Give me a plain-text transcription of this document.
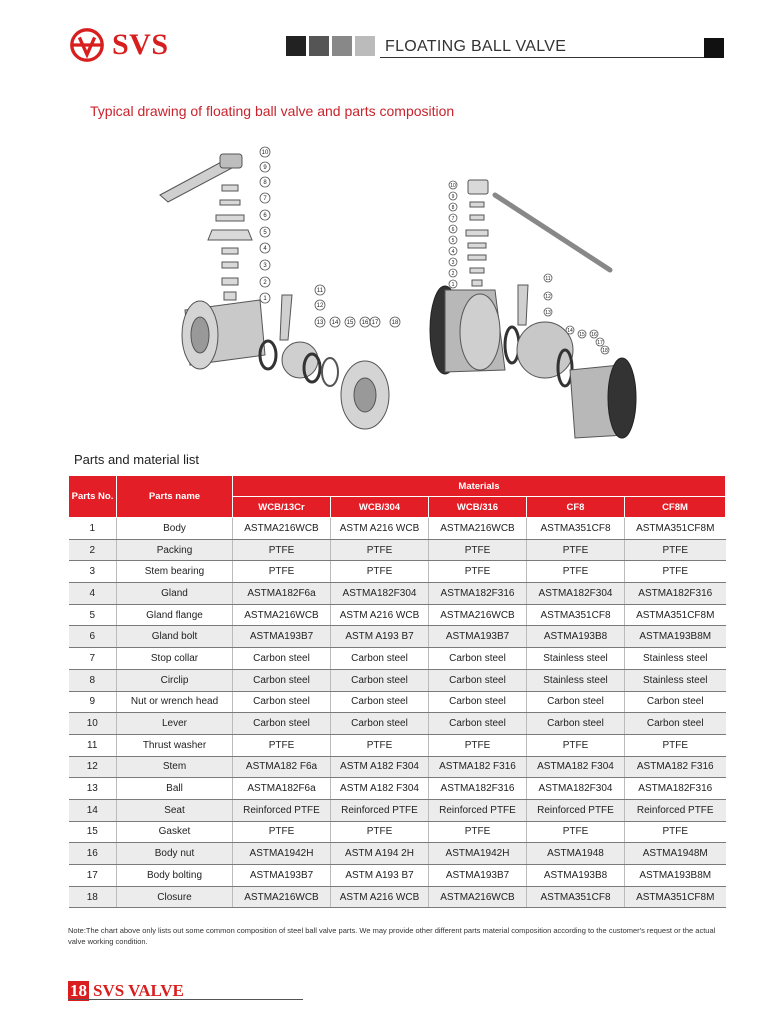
SVS	FLOATING BALL VALVE
Typical drawing of floating ball valve and parts composition
10
9
8
7
6
5
4
3
2
1
11
12
13 14 15 16 17 18
10
9
8
7
6
5
4
3
2
1
11
12
13
14
15 16
17
18
Parts and material list
Parts No.	Parts name	Materials				
		WCB/13Cr	WCB/304	WCB/316	CF8	CF8M
1	Body	ASTMA216WCB	ASTM A216 WCB	ASTMA216WCB	ASTMA351CF8	ASTMA351CF8M
2	Packing	PTFE	PTFE	PTFE	PTFE	PTFE
3	Stem bearing	PTFE	PTFE	PTFE	PTFE	PTFE
4	Gland	ASTMA182F6a	ASTMA182F304	ASTMA182F316	ASTMA182F304	ASTMA182F316
5	Gland flange	ASTMA216WCB	ASTM A216 WCB	ASTMA216WCB	ASTMA351CF8	ASTMA351CF8M
6	Gland bolt	ASTMA193B7	ASTM A193 B7	ASTMA193B7	ASTMA193B8	ASTMA193B8M
7	Stop collar	Carbon steel	Carbon steel	Carbon steel	Stainless steel	Stainless steel
8	Circlip	Carbon steel	Carbon steel	Carbon steel	Stainless steel	Stainless steel
9	Nut or wrench head	Carbon steel	Carbon steel	Carbon steel	Carbon steel	Carbon steel
10	Lever	Carbon steel	Carbon steel	Carbon steel	Carbon steel	Carbon steel
11	Thrust washer	PTFE	PTFE	PTFE	PTFE	PTFE
12	Stem	ASTMA182 F6a	ASTM A182 F304	ASTMA182 F316	ASTMA182 F304	ASTMA182 F316
13	Ball	ASTMA182F6a	ASTM A182 F304	ASTMA182F316	ASTMA182F304	ASTMA182F316
14	Seat	Reinforced PTFE	Reinforced PTFE	Reinforced PTFE	Reinforced PTFE	Reinforced PTFE
15	Gasket	PTFE	PTFE	PTFE	PTFE	PTFE
16	Body nut	ASTMA1942H	ASTM A194 2H	ASTMA1942H	ASTMA1948	ASTMA1948M
17	Body bolting	ASTMA193B7	ASTM A193 B7	ASTMA193B7	ASTMA193B8	ASTMA193B8M
18	Closure	ASTMA216WCB	ASTM A216 WCB	ASTMA216WCB	ASTMA351CF8	ASTMA351CF8M
Note:The chart above only lists out some common composition of steel ball valve parts. We may provide other different parts material composition according to the customer's request or the actual valve working condition.
18 SVS VALVE
